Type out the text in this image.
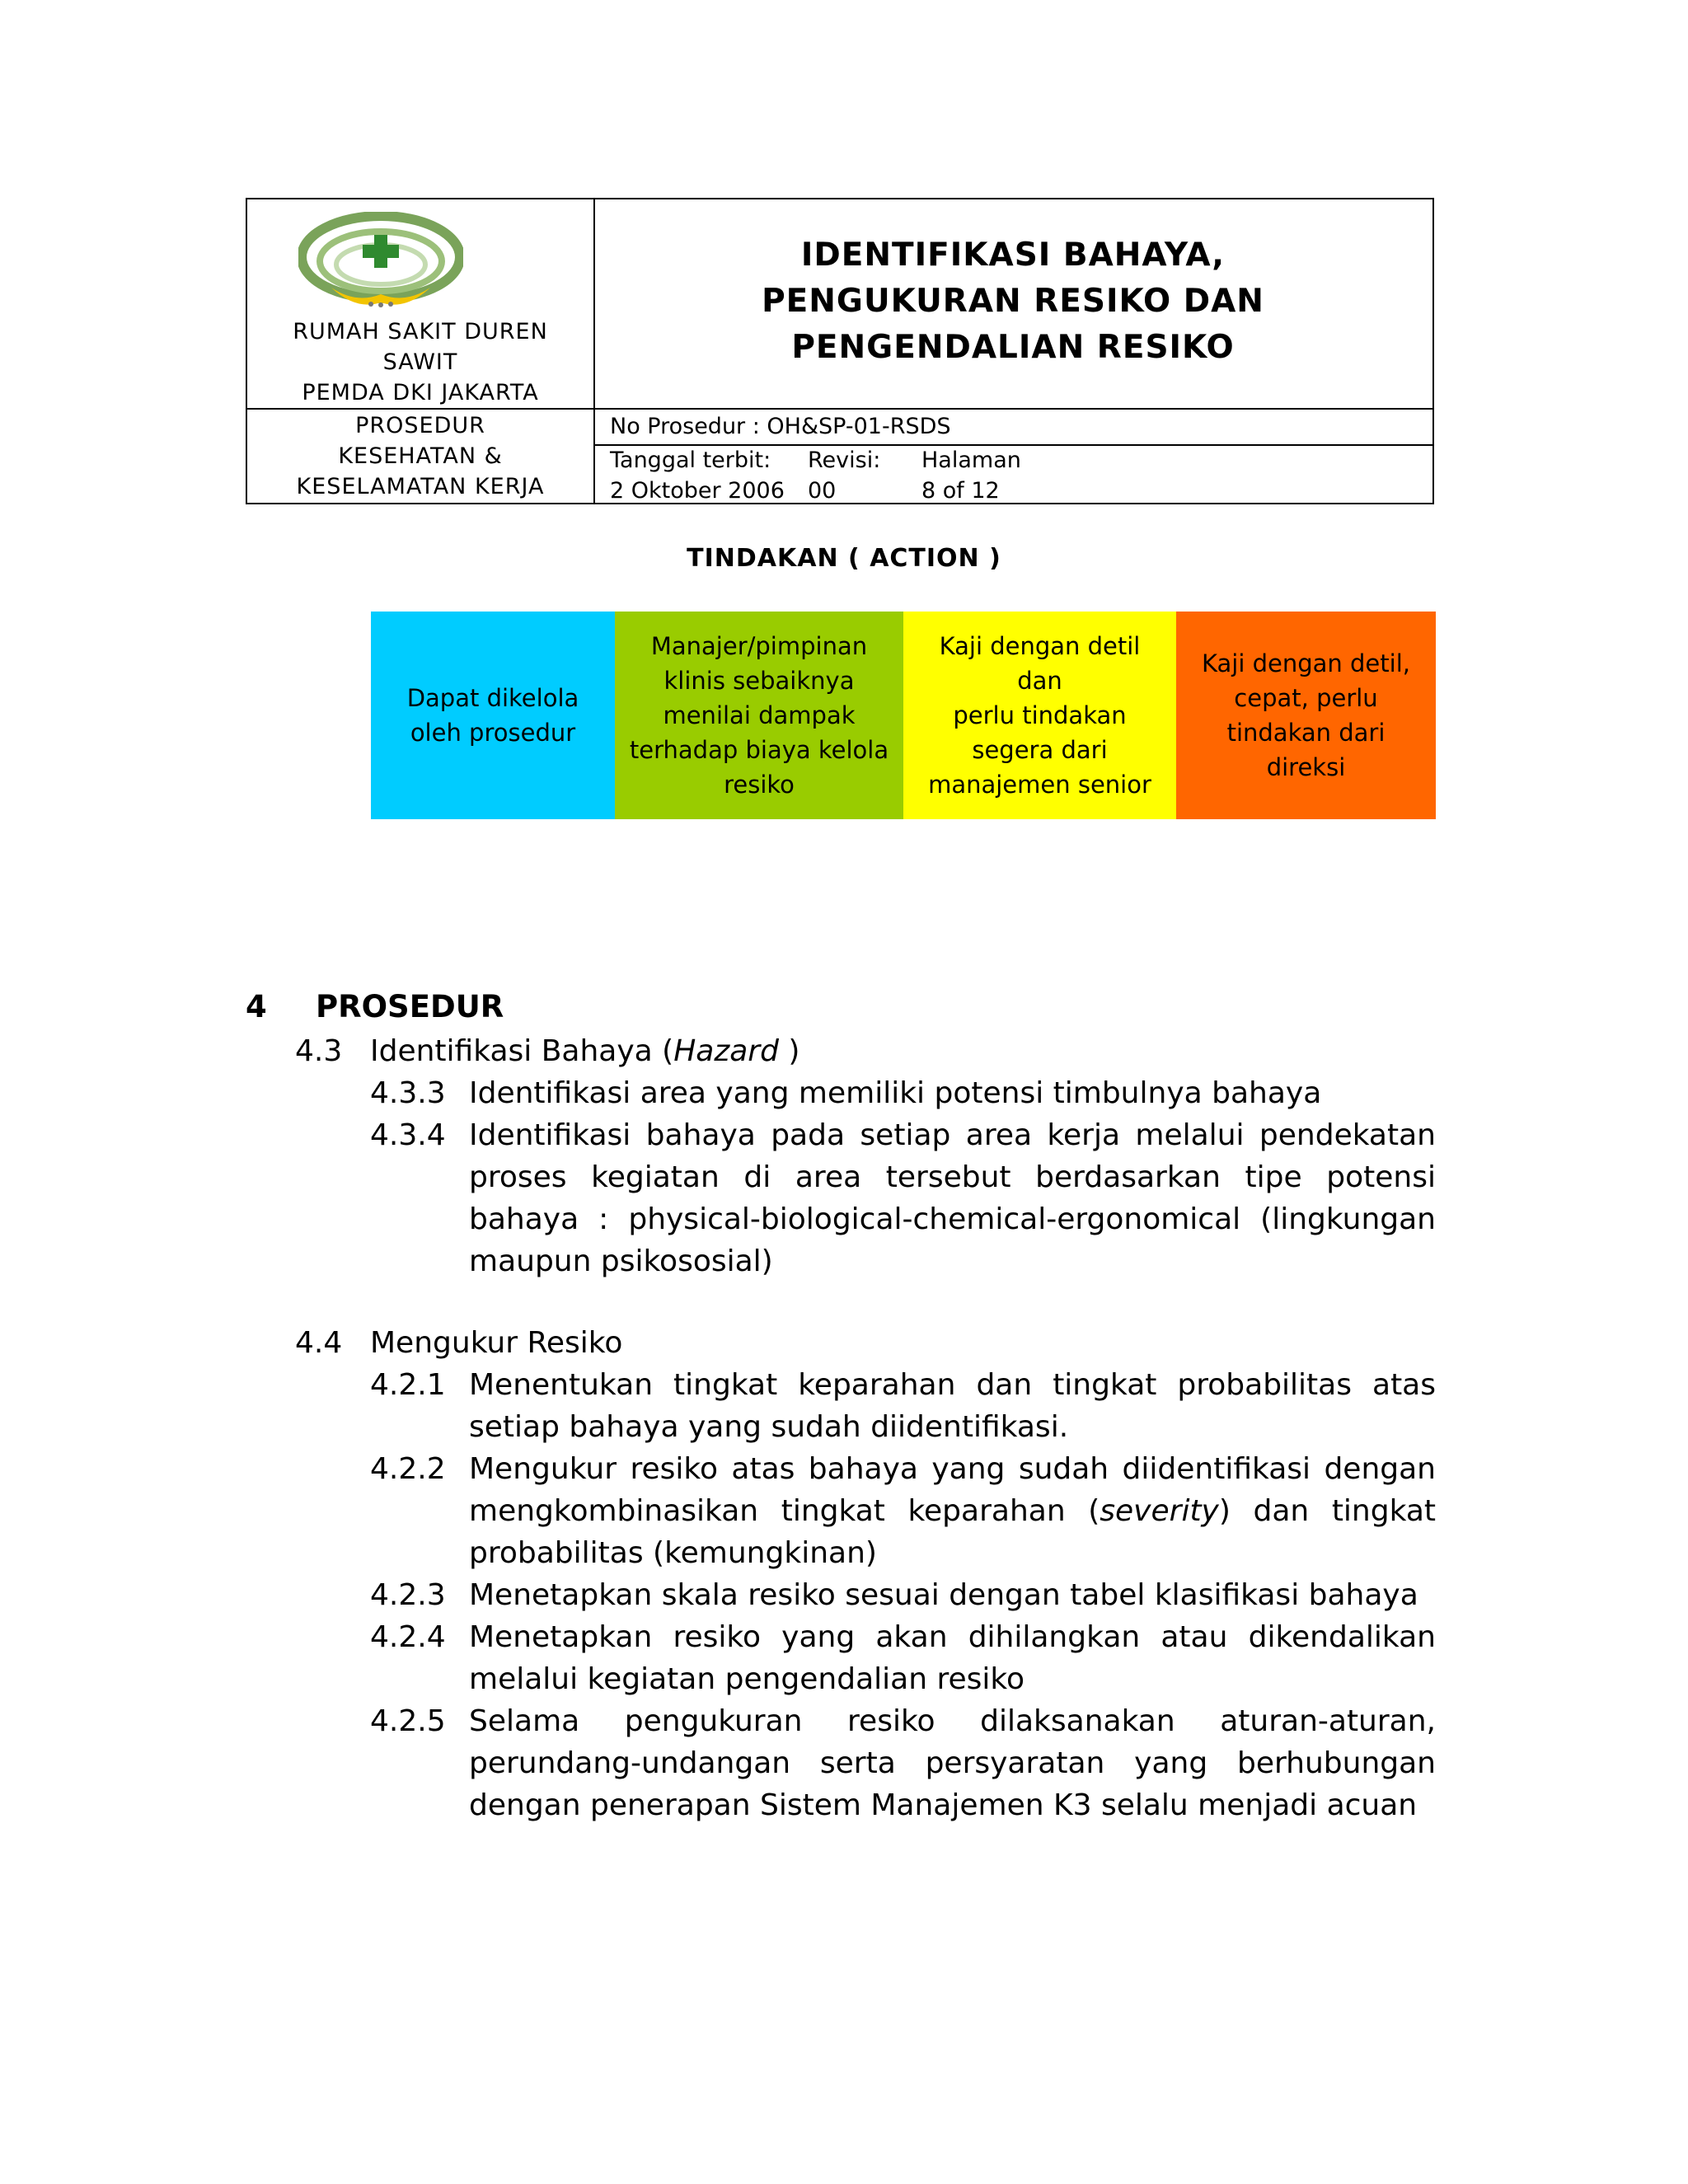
RUMAH SAKIT DUREN
SAWIT
PEMDA DKI JAKARTA
IDENTIFIKASI BAHAYA,
PENGUKURAN RESIKO DAN
PENGENDALIAN RESIKO
PROSEDUR
KESEHATAN &
KESELAMATAN KERJA
No Prosedur : OH&SP-01-RSDS
Tanggal terbit:
2 Oktober 2006
Revisi:
00
Halaman
8 of 12
TINDAKAN ( ACTION )
Dapat dikelola
oleh prosedur
Manajer/pimpinan
klinis sebaiknya
menilai dampak
terhadap biaya kelola
resiko
Kaji dengan detil dan
perlu tindakan
segera dari
manajemen senior
Kaji dengan detil,
cepat, perlu
tindakan dari
direksi
4 PROSEDUR
4.3 Identifikasi Bahaya (Hazard )
4.3.3 Identifikasi area yang memiliki potensi timbulnya bahaya
4.3.4 Identifikasi bahaya pada setiap area kerja melalui pendekatan proses kegiatan di area tersebut berdasarkan tipe potensi bahaya : physical-biological-chemical-ergonomical (lingkungan maupun psikososial)
4.4 Mengukur Resiko
4.2.1 Menentukan tingkat keparahan dan tingkat probabilitas atas setiap bahaya yang sudah diidentifikasi.
4.2.2 Mengukur resiko atas bahaya yang sudah diidentifikasi dengan mengkombinasikan tingkat keparahan (severity) dan tingkat probabilitas (kemungkinan)
4.2.3 Menetapkan skala resiko sesuai dengan tabel klasifikasi bahaya
4.2.4 Menetapkan resiko yang akan dihilangkan atau dikendalikan melalui kegiatan pengendalian resiko
4.2.5 Selama pengukuran resiko dilaksanakan aturan-aturan, perundang-undangan serta persyaratan yang berhubungan dengan penerapan Sistem Manajemen K3 selalu menjadi acuan
